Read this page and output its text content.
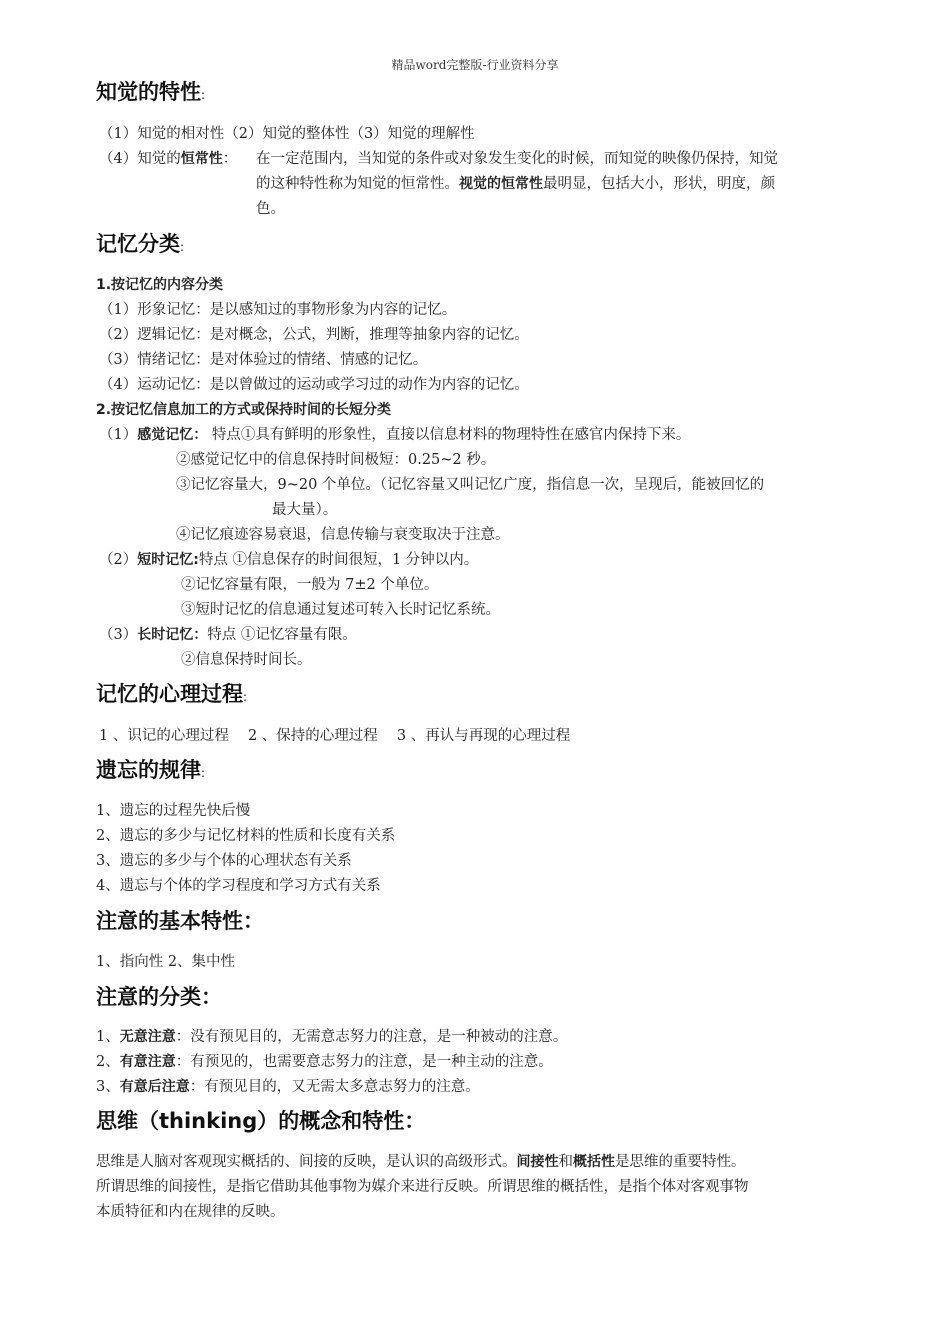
精品word完整版-行业资料分享
知觉的特性:
（1）知觉的相对性（2）知觉的整体性（3）知觉的理解性
（4）知觉的恒常性： 在一定范围内，当知觉的条件或对象发生变化的时候，而知觉的映像仍保持，知觉
的这种特性称为知觉的恒常性。视觉的恒常性最明显，包括大小，形状，明度，颜
色。
记忆分类:
1.按记忆的内容分类
（1）形象记忆：是以感知过的事物形象为内容的记忆。
（2）逻辑记忆：是对概念，公式，判断，推理等抽象内容的记忆。
（3）情绪记忆：是对体验过的情绪、情感的记忆。
（4）运动记忆：是以曾做过的运动或学习过的动作为内容的记忆。
2.按记忆信息加工的方式或保持时间的长短分类
（1）感觉记忆： 特点①具有鲜明的形象性，直接以信息材料的物理特性在感官内保持下来。
②感觉记忆中的信息保持时间极短：0.25~2 秒。
③记忆容量大，9~20 个单位。（记忆容量又叫记忆广度，指信息一次，呈现后，能被回忆的
最大量）。
④记忆痕迹容易衰退，信息传输与衰变取决于注意。
（2）短时记忆:特点 ①信息保存的时间很短，1 分钟以内。
②记忆容量有限，一般为 7±2 个单位。
③短时记忆的信息通过复述可转入长时记忆系统。
（3）长时记忆：特点 ①记忆容量有限。
②信息保持时间长。
记忆的心理过程:
1 、识记的心理过程　 2 、保持的心理过程　 3 、再认与再现的心理过程
遗忘的规律:
1、遗忘的过程先快后慢
2、遗忘的多少与记忆材料的性质和长度有关系
3、遗忘的多少与个体的心理状态有关系
4、遗忘与个体的学习程度和学习方式有关系
注意的基本特性：
1、指向性 2、集中性
注意的分类：
1、无意注意：没有预见目的，无需意志努力的注意，是一种被动的注意。
2、有意注意：有预见的，也需要意志努力的注意，是一种主动的注意。
3、有意后注意：有预见目的，又无需太多意志努力的注意。
思维（thinking）的概念和特性：
思维是人脑对客观现实概括的、间接的反映，是认识的高级形式。间接性和概括性是思维的重要特性。
所谓思维的间接性，是指它借助其他事物为媒介来进行反映。所谓思维的概括性，是指个体对客观事物
本质特征和内在规律的反映。
